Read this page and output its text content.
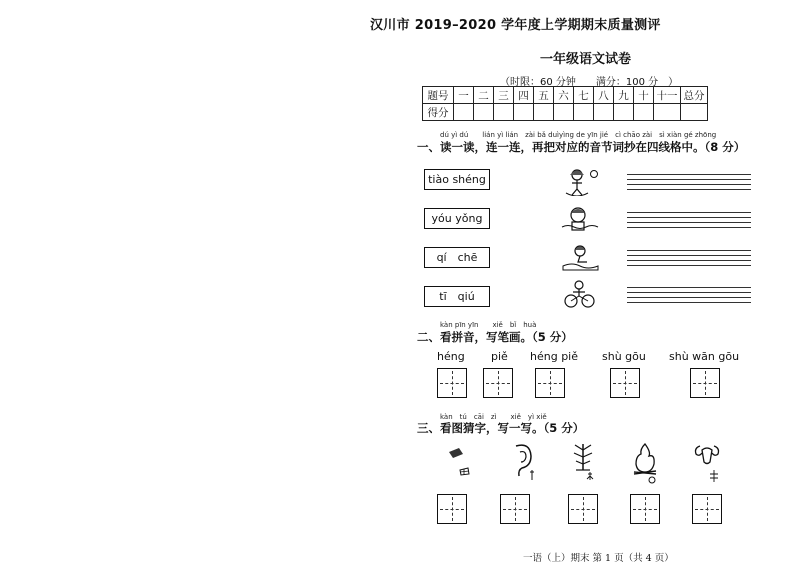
汉川市 2019–2020 学年度上学期期末质量测评
一年级语文试卷
（时限：60 分钟　　满分：100 分　）
题号	一	二	三	四	五	六	七	八	九	十	十一	总分
得分												
dú yì dú　　lián yì lián　zài bǎ duìyìng de yīn jié　cì chāo zài　sì xiàn gé zhōng
一、读一读，连一连，再把对应的音节词抄在四线格中。（8 分）
tiào shéng
yóu yǒng
qí　chē
tī　qiú
kàn pīn yīn　　xiě　bǐ　huà
二、看拼音，写笔画。（5 分）
héng piě héng piě shù gōu shù wān gōu
kàn　tú　cāi　zì　　xiě　yì xiě
三、看图猜字，写一写。（5 分）
一语（上）期末 第 1 页（共 4 页）
